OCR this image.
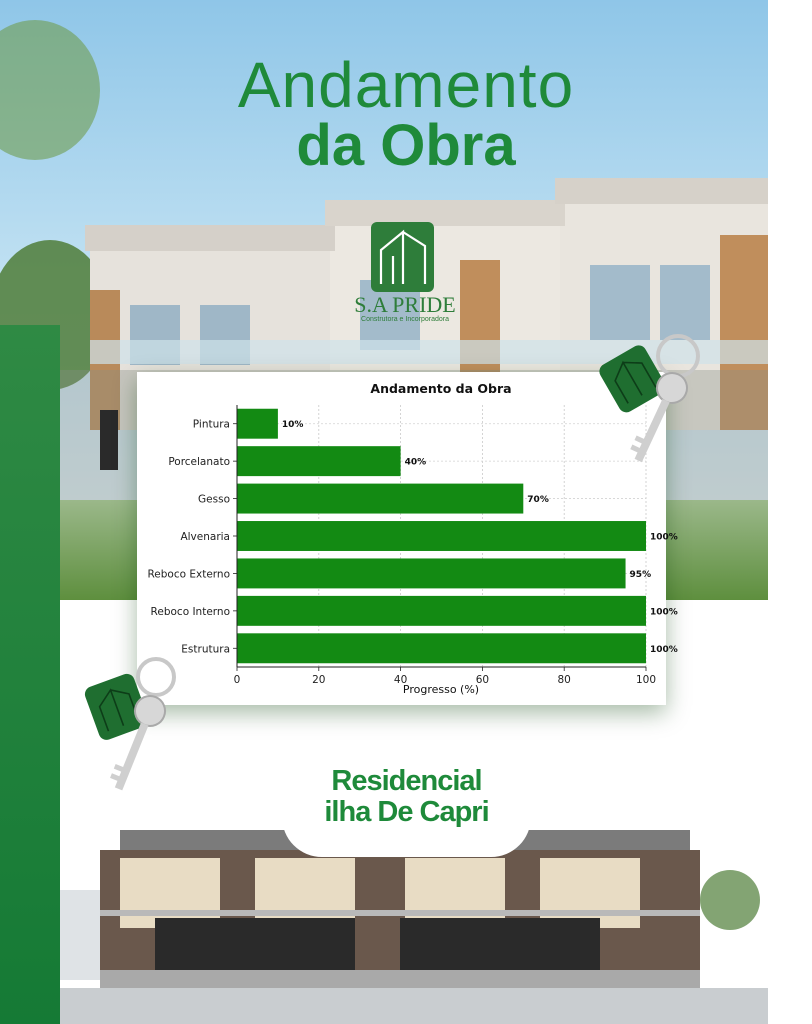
Andamento
da Obra
S.A PRIDE
Construtora e Incorporadora
10%
40%
70%
100%
95%
100%
100%
0	20	40	60	80	100
Pintura
Porcelanato
Gesso
Alvenaria
Reboco Externo
Reboco Interno
Estrutura
Andamento da Obra
Progresso (%)
Residencial
ilha De Capri
